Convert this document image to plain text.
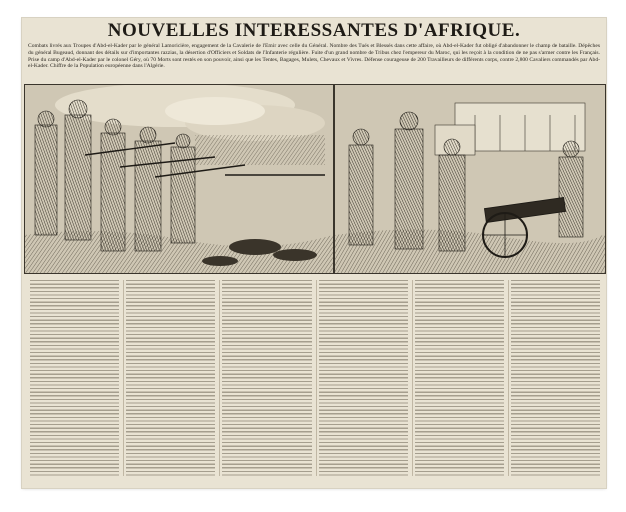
NOUVELLES INTERESSANTES D'AFRIQUE.

Combats livrés aux Troupes d'Abd-el-Kader par le général Lamoricière, engagement de la Cavalerie de l'Emir avec celle du Général. Nombre des Tués et Blessés dans cette affaire, où Abd-el-Kader fut obligé d'abandonner le champ de bataille. Dépêches du général Bugeaud, donnant des détails sur d'importantes razzias, la désertion d'Officiers et Soldats de l'Infanterie régulière. Fuite d'un grand nombre de Tribus chez l'empereur du Maroc, qui les reçoit à la condition de ne pas s'armer contre les Français. Prise du camp d'Abd-el-Kader par le colonel Géry, où 70 Morts sont restés en son pouvoir, ainsi que les Tentes, Bagages, Mulets, Chevaux et Vivres. Défense courageuse de 200 Travailleurs de différents corps, contre 2,800 Cavaliers commandés par Abd-el-Kader. Chiffre de la Population européenne dans l'Algérie.
